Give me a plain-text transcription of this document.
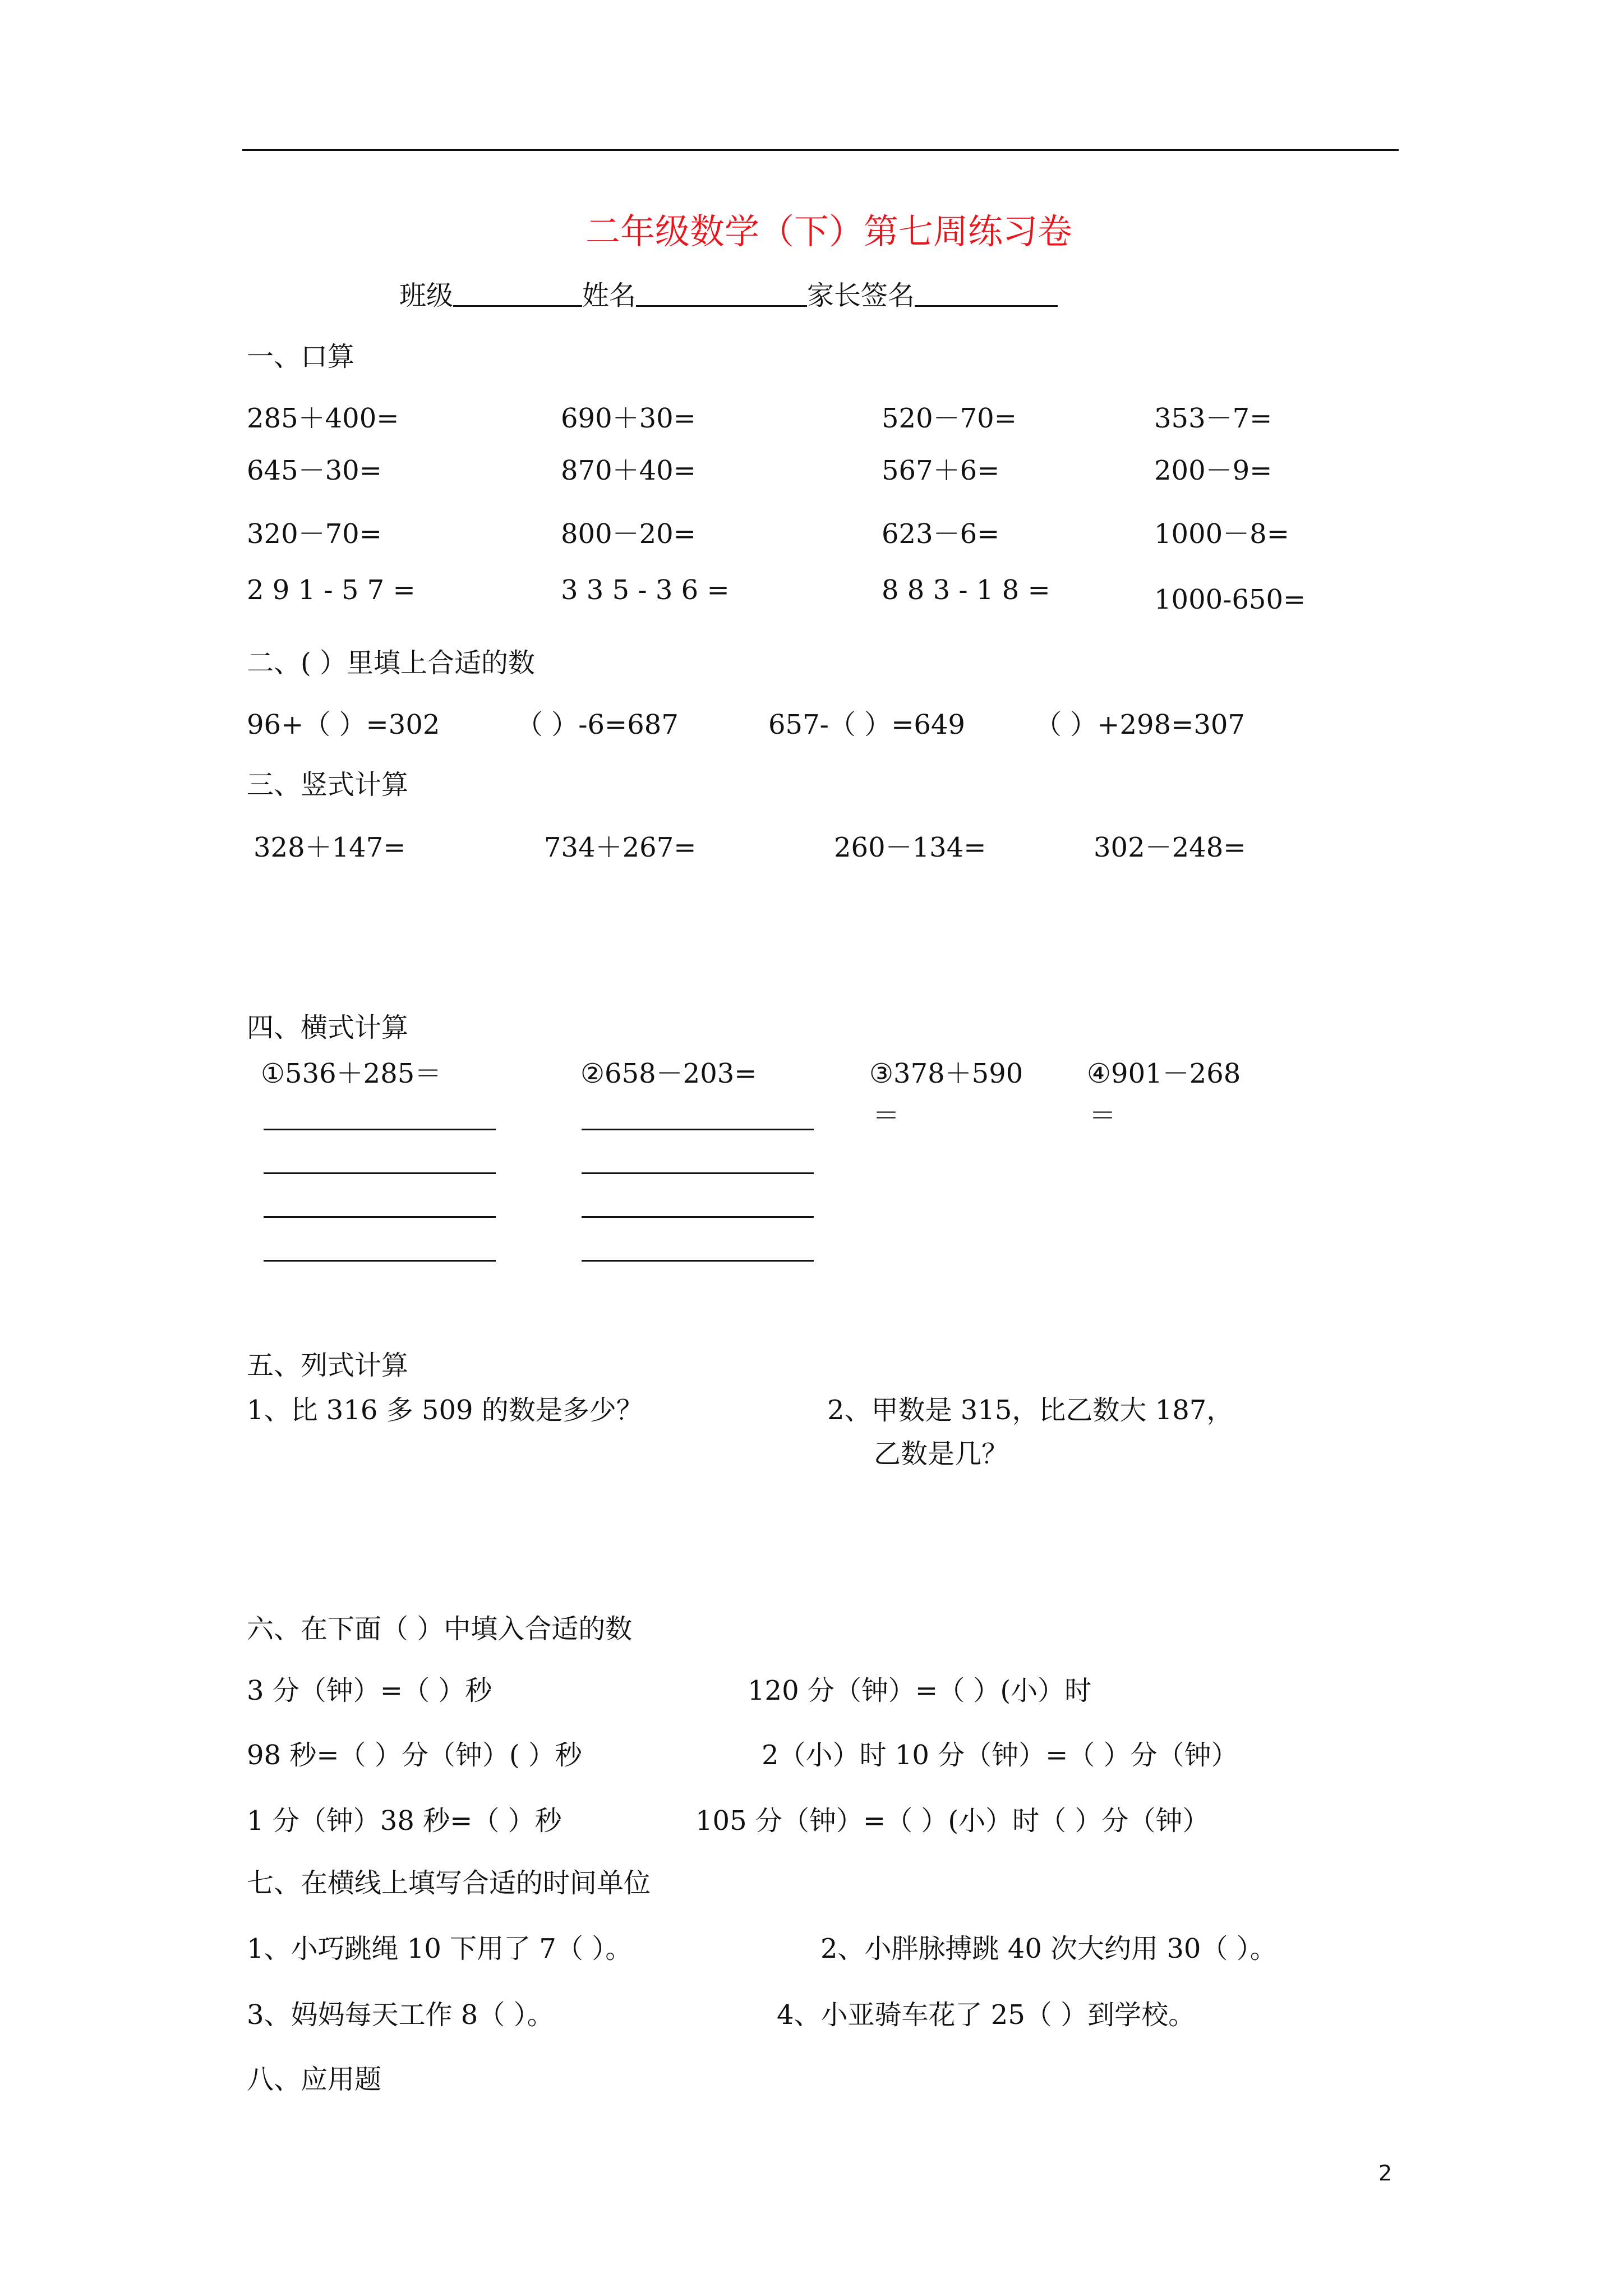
二年级数学（下）第七周练习卷
班级	姓名	家长签名
一、口算
285＋400=	690＋30=	520－70=	353－7=
645－30=	870＋40=	567＋6=	200－9=
320－70=	800－20=	623－6=	1000－8=
2 9 1 - 5 7 =	3 3 5 - 3 6 =	8 8 3 - 1 8 =	1000-650=
二、( ）里填上合适的数
96+（ ）=302	（ ）-6=687	657-（ ）=649	（ ）+298=307
三、竖式计算
328＋147=	734＋267=	260－134=	302－248=
四、横式计算
①536＋285＝	②658－203=	③378＋590 ④901－268
＝	＝
五、列式计算
1、比 316 多 509 的数是多少？	2、甲数是 315，比乙数大 187，
乙数是几？
六、在下面（ ）中填入合适的数
3 分（钟）=（ ）秒	120 分（钟）=（ ）(小）时
98 秒=（ ）分（钟）( ）秒	2（小）时 10 分（钟）=（ ）分（钟）
1 分（钟）38 秒=（ ）秒	105 分（钟）=（ ）(小）时（ ）分（钟）
七、在横线上填写合适的时间单位
1、小巧跳绳 10 下用了 7（ ）。	2、小胖脉搏跳 40 次大约用 30（ ）。
3、妈妈每天工作 8（ ）。	4、小亚骑车花了 25（ ）到学校。
八、应用题
2
